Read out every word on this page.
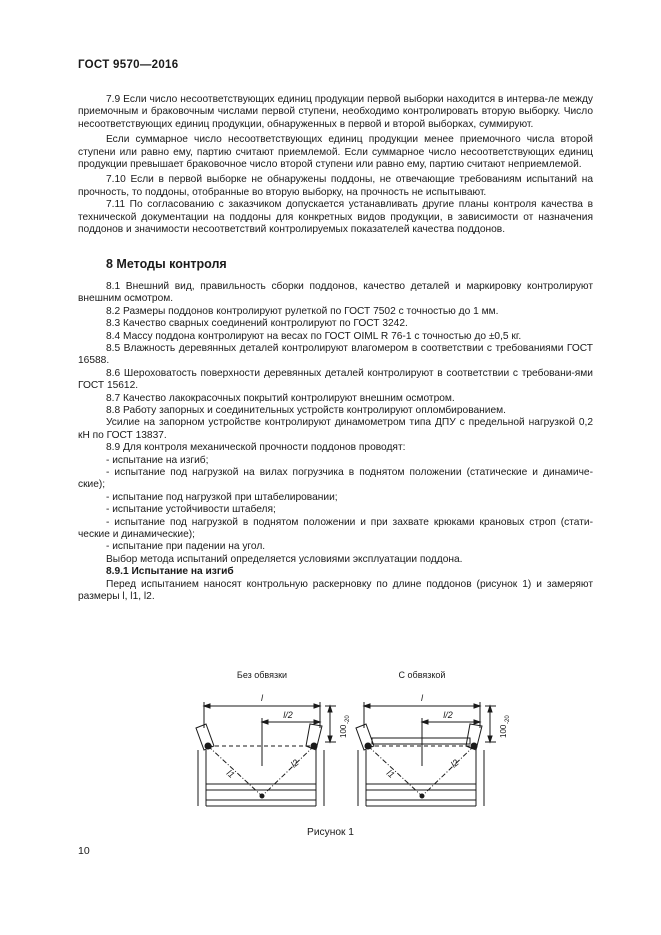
ГОСТ 9570—2016

7.9 Если число несоответствующих единиц продукции первой выборки находится в интерва-ле между приемочным и браковочным числами первой ступени, необходимо контролировать вторую выборку. Число несоответствующих единиц продукции, обнаруженных в первой и второй выборках, суммируют.

Если суммарное число несоответствующих единиц продукции менее приемочного числа второй ступени или равно ему, партию считают приемлемой. Если суммарное число несоответствующих единиц продукции превышает браковочное число второй ступени или равно ему, партию считают неприемлемой.

7.10 Если в первой выборке не обнаружены поддоны, не отвечающие требованиям испытаний на прочность, то поддоны, отобранные во вторую выборку, на прочность не испытывают.

7.11 По согласованию с заказчиком допускается устанавливать другие планы контроля качества в технической документации на поддоны для конкретных видов продукции, в зависимости от назначения поддонов и значимости несоответствий контролируемых показателей качества поддонов.

8 Методы контроля

8.1 Внешний вид, правильность сборки поддонов, качество деталей и маркировку контролируют внешним осмотром.

8.2 Размеры поддонов контролируют рулеткой по ГОСТ 7502 с точностью до 1 мм.

8.3 Качество сварных соединений контролируют по ГОСТ 3242.

8.4 Массу поддона контролируют на весах по ГОСТ OIML R 76-1 с точностью до ±0,5 кг.

8.5 Влажность деревянных деталей контролируют влагомером в соответствии с требованиями ГОСТ 16588.

8.6 Шероховатость поверхности деревянных деталей контролируют в соответствии с требовани-ями ГОСТ 15612.

8.7 Качество лакокрасочных покрытий контролируют внешним осмотром.

8.8 Работу запорных и соединительных устройств контролируют опломбированием.

Усилие на запорном устройстве контролируют динамометром типа ДПУ с предельной нагрузкой 0,2 кН по ГОСТ 13837.

8.9 Для контроля механической прочности поддонов проводят:

- испытание на изгиб;

- испытание под нагрузкой на вилах погрузчика в поднятом положении (статические и динамиче-ские);

- испытание под нагрузкой при штабелировании;

- испытание устойчивости штабеля;

- испытание под нагрузкой в поднятом положении и при захвате крюками крановых строп (стати-ческие и динамические);

- испытание при падении на угол.

Выбор метода испытаний определяется условиями эксплуатации поддона.

8.9.1 Испытание на изгиб

Перед испытанием наносят контрольную раскерновку по длине поддонов (рисунок 1) и замеряют размеры l, l1, l2.

Без обвязки	С обвязкой
l	l
l/2	l/2
100
-20
100
-20
l1
l2
l1
l2
Рисунок 1
10
